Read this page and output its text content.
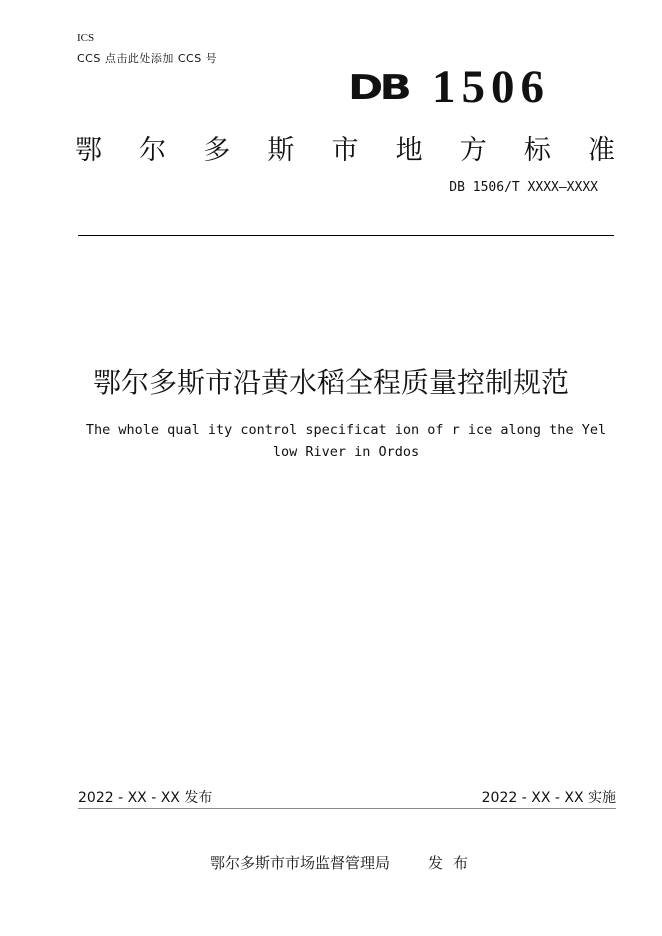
ICS
CCS 点击此处添加 CCS 号
DB 1506
鄂 尔 多 斯 市 地 方 标 准
DB 1506/T XXXX—XXXX
鄂尔多斯市沿黄水稻全程质量控制规范
The whole qual ity control specificat ion of r ice along the Yel low River in Ordos
2022 - XX - XX 发布	2022 - XX - XX 实施
鄂尔多斯市市场监督管理局	发布
